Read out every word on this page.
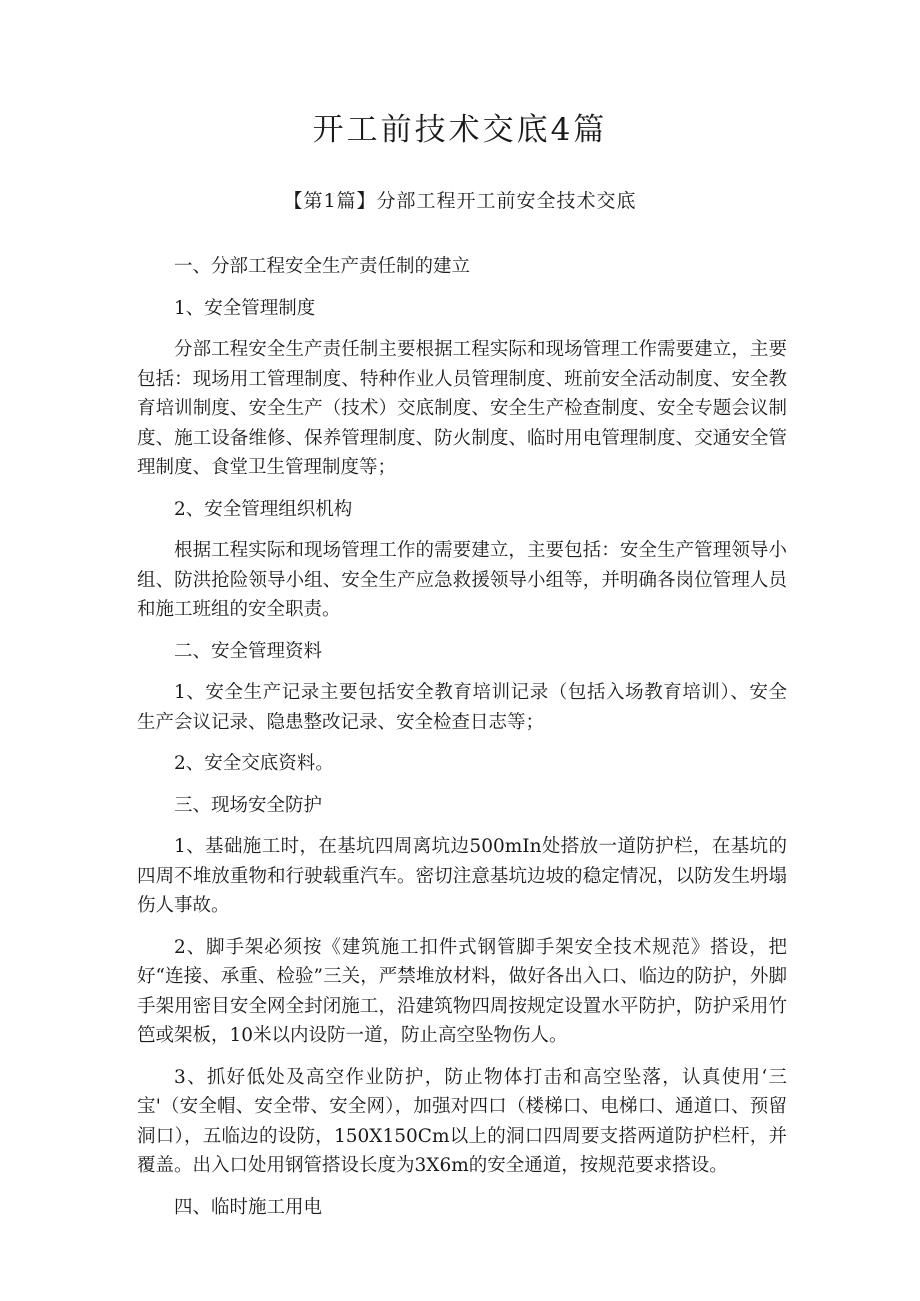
开工前技术交底4篇
【第1篇】分部工程开工前安全技术交底

一、分部工程安全生产责任制的建立

1、安全管理制度

分部工程安全生产责任制主要根据工程实际和现场管理工作需要建立，主要包括：现场用工管理制度、特种作业人员管理制度、班前安全活动制度、安全教育培训制度、安全生产（技术）交底制度、安全生产检查制度、安全专题会议制度、施工设备维修、保养管理制度、防火制度、临时用电管理制度、交通安全管理制度、食堂卫生管理制度等；

2、安全管理组织机构

根据工程实际和现场管理工作的需要建立，主要包括：安全生产管理领导小组、防洪抢险领导小组、安全生产应急救援领导小组等，并明确各岗位管理人员和施工班组的安全职责。

二、安全管理资料

1、安全生产记录主要包括安全教育培训记录（包括入场教育培训）、安全生产会议记录、隐患整改记录、安全检查日志等；

2、安全交底资料。

三、现场安全防护

1、基础施工时，在基坑四周离坑边500mIn处搭放一道防护栏，在基坑的四周不堆放重物和行驶载重汽车。密切注意基坑边坡的稳定情况，以防发生坍塌伤人事故。

2、脚手架必须按《建筑施工扣件式钢管脚手架安全技术规范》搭设，把好“连接、承重、检验”三关，严禁堆放材料，做好各出入口、临边的防护，外脚手架用密目安全网全封闭施工，沿建筑物四周按规定设置水平防护，防护采用竹笆或架板，10米以内设防一道，防止高空坠物伤人。

3、抓好低处及高空作业防护，防止物体打击和高空坠落，认真使用‘三宝'（安全帽、安全带、安全网），加强对四口（楼梯口、电梯口、通道口、预留洞口），五临边的设防，150X150Cm以上的洞口四周要支搭两道防护栏杆，并覆盖。出入口处用钢管搭设长度为3X6m的安全通道，按规范要求搭设。

四、临时施工用电
